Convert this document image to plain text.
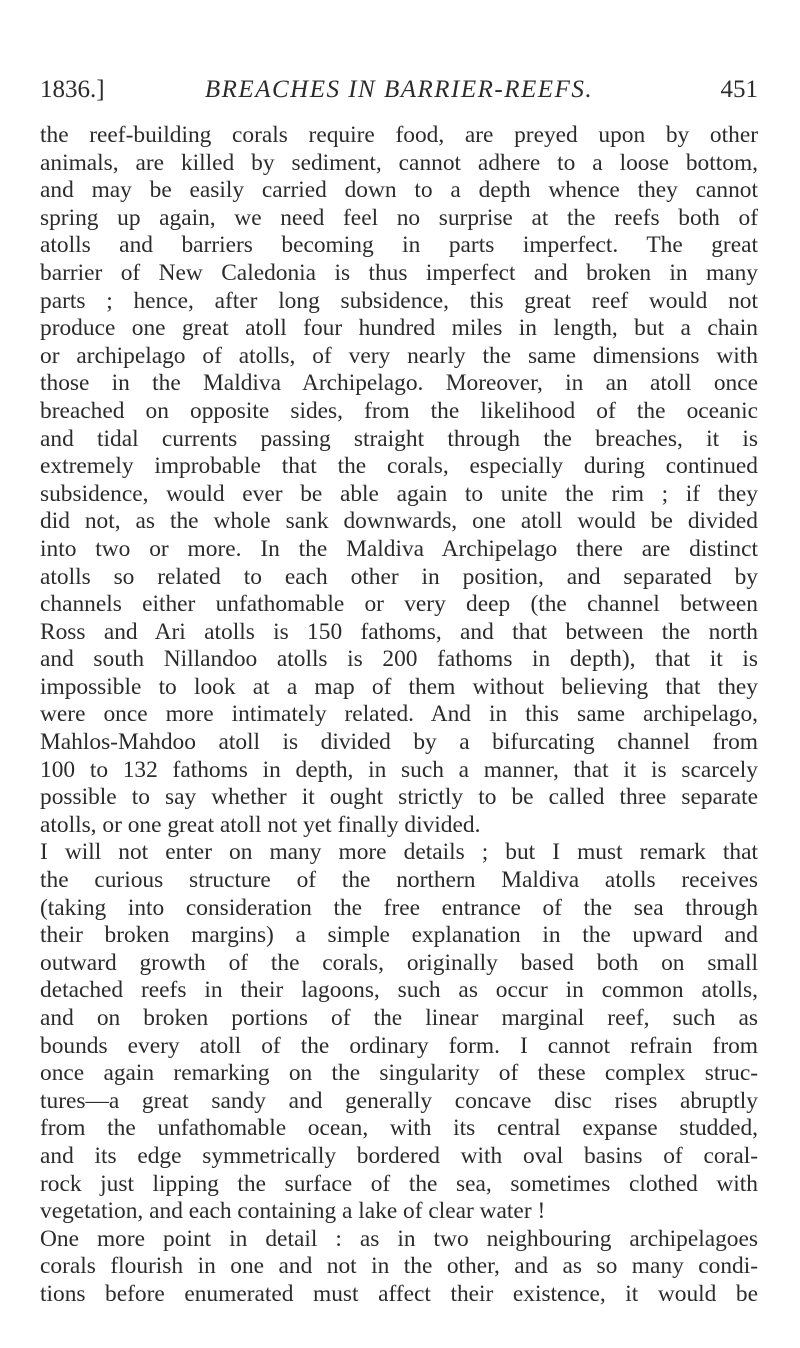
1836.]	BREACHES IN BARRIER-REEFS.	451
the reef-building corals require food, are preyed upon by other
animals, are killed by sediment, cannot adhere to a loose bottom,
and may be easily carried down to a depth whence they cannot
spring up again, we need feel no surprise at the reefs both of
atolls and barriers becoming in parts imperfect. The great
barrier of New Caledonia is thus imperfect and broken in many
parts ; hence, after long subsidence, this great reef would not
produce one great atoll four hundred miles in length, but a chain
or archipelago of atolls, of very nearly the same dimensions with
those in the Maldiva Archipelago. Moreover, in an atoll once
breached on opposite sides, from the likelihood of the oceanic
and tidal currents passing straight through the breaches, it is
extremely improbable that the corals, especially during continued
subsidence, would ever be able again to unite the rim ; if they
did not, as the whole sank downwards, one atoll would be divided
into two or more. In the Maldiva Archipelago there are distinct
atolls so related to each other in position, and separated by
channels either unfathomable or very deep (the channel between
Ross and Ari atolls is 150 fathoms, and that between the north
and south Nillandoo atolls is 200 fathoms in depth), that it is
impossible to look at a map of them without believing that they
were once more intimately related. And in this same archipelago,
Mahlos-Mahdoo atoll is divided by a bifurcating channel from
100 to 132 fathoms in depth, in such a manner, that it is scarcely
possible to say whether it ought strictly to be called three separate
atolls, or one great atoll not yet finally divided.
I will not enter on many more details ; but I must remark that
the curious structure of the northern Maldiva atolls receives
(taking into consideration the free entrance of the sea through
their broken margins) a simple explanation in the upward and
outward growth of the corals, originally based both on small
detached reefs in their lagoons, such as occur in common atolls,
and on broken portions of the linear marginal reef, such as
bounds every atoll of the ordinary form. I cannot refrain from
once again remarking on the singularity of these complex struc-
tures—a great sandy and generally concave disc rises abruptly
from the unfathomable ocean, with its central expanse studded,
and its edge symmetrically bordered with oval basins of coral-
rock just lipping the surface of the sea, sometimes clothed with
vegetation, and each containing a lake of clear water !
One more point in detail : as in two neighbouring archipelagoes
corals flourish in one and not in the other, and as so many condi-
tions before enumerated must affect their existence, it would be
